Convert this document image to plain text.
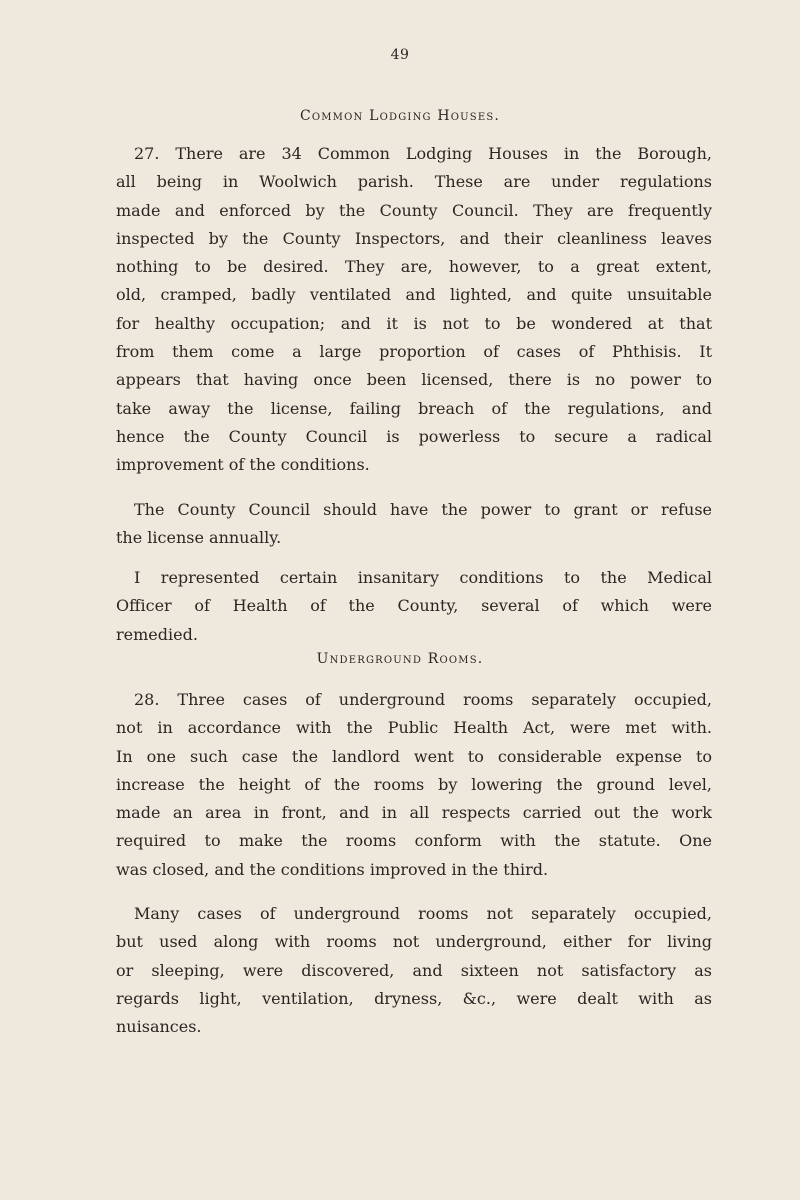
49
Common Lodging Houses.
27. There are 34 Common Lodging Houses in the Borough,
all being in Woolwich parish. These are under regulations
made and enforced by the County Council. They are frequently
inspected by the County Inspectors, and their cleanliness leaves
nothing to be desired. They are, however, to a great extent,
old, cramped, badly ventilated and lighted, and quite unsuitable
for healthy occupation; and it is not to be wondered at that
from them come a large proportion of cases of Phthisis. It
appears that having once been licensed, there is no power to
take away the license, failing breach of the regulations, and
hence the County Council is powerless to secure a radical
improvement of the conditions.
The County Council should have the power to grant or refuse
the license annually.
I represented certain insanitary conditions to the Medical
Officer of Health of the County, several of which were
remedied.
Underground Rooms.
28. Three cases of underground rooms separately occupied,
not in accordance with the Public Health Act, were met with.
In one such case the landlord went to considerable expense to
increase the height of the rooms by lowering the ground level,
made an area in front, and in all respects carried out the work
required to make the rooms conform with the statute. One
was closed, and the conditions improved in the third.
Many cases of underground rooms not separately occupied,
but used along with rooms not underground, either for living
or sleeping, were discovered, and sixteen not satisfactory as
regards light, ventilation, dryness, &c., were dealt with as
nuisances.
